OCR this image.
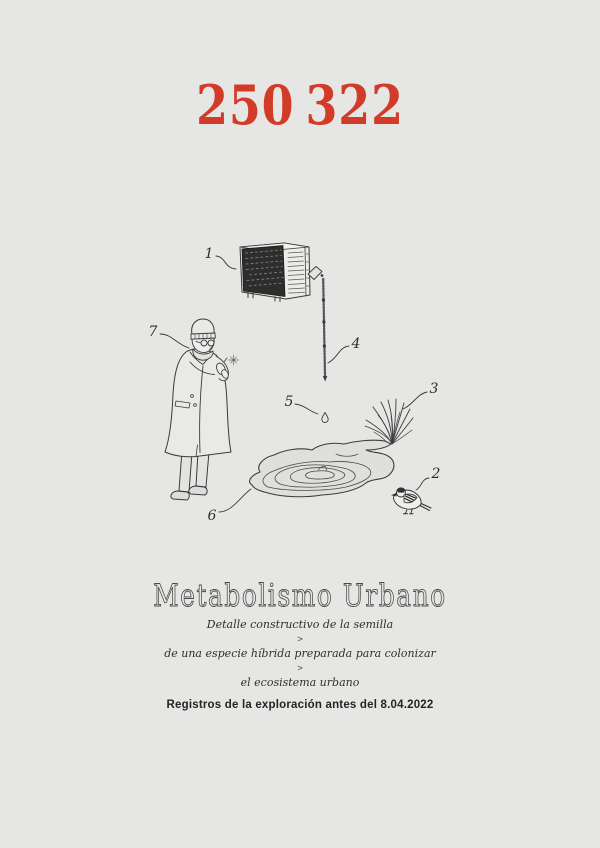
250 322
1
2
3
4
5
6
7
Metabolismo Urbano
Detalle constructivo de la semilla
>
de una especie híbrida preparada para colonizar
>
el ecosistema urbano
Registros de la exploración antes del 8.04.2022
